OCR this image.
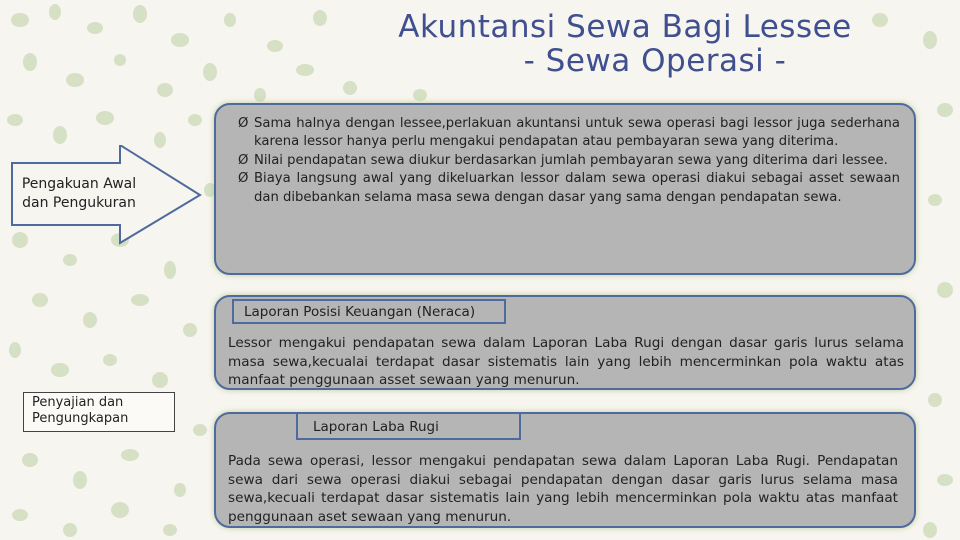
Akuntansi Sewa Bagi Lessee
- Sewa Operasi -
Pengakuan Awal dan Pengukuran
Ø Sama halnya dengan lessee,perlakuan akuntansi untuk sewa operasi bagi lessor juga sederhana karena lessor hanya perlu mengakui pendapatan atau pembayaran sewa yang diterima.
Ø Nilai pendapatan sewa diukur berdasarkan jumlah pembayaran sewa yang diterima dari lessee.
Ø Biaya langsung awal yang dikeluarkan lessor dalam sewa operasi diakui sebagai asset sewaan dan dibebankan selama masa sewa dengan dasar yang sama dengan pendapatan sewa.
Laporan Posisi Keuangan (Neraca)
Lessor mengakui pendapatan sewa dalam Laporan Laba Rugi dengan dasar garis lurus selama masa sewa,kecualai terdapat dasar sistematis lain yang lebih mencerminkan pola waktu atas manfaat penggunaan asset sewaan yang menurun.
Penyajian dan Pengungkapan
Laporan Laba Rugi
Pada sewa operasi, lessor mengakui pendapatan sewa dalam Laporan Laba Rugi. Pendapatan sewa dari sewa operasi diakui sebagai pendapatan dengan dasar garis lurus selama masa sewa,kecuali terdapat dasar sistematis lain yang lebih mencerminkan pola waktu atas manfaat penggunaan aset sewaan yang menurun.
